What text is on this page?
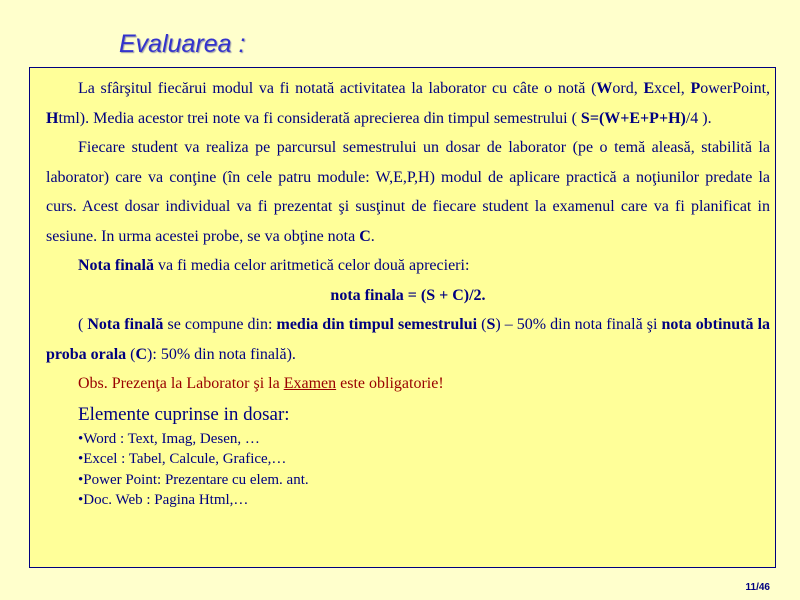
Evaluarea :

La sfârşitul fiecărui modul va fi notată activitatea la laborator cu câte o notă (Word, Excel, PowerPoint, Html). Media acestor trei note va fi considerată aprecierea din timpul semestrului ( S=(W+E+P+H)/4 ).

Fiecare student va realiza pe parcursul semestrului un dosar de laborator (pe o temă aleasă, stabilită la laborator) care va conţine (în cele patru module: W,E,P,H) modul de aplicare practică a noţiunilor predate la curs. Acest dosar individual va fi prezentat şi susţinut de fiecare student la examenul care va fi planificat in sesiune. In urma acestei probe, se va obţine nota C.

Nota finală va fi media celor aritmetică celor două aprecieri:

nota finala = (S + C)/2.

( Nota finală se compune din: media din timpul semestrului (S) – 50% din nota finală şi nota obtinută la proba orala (C): 50% din nota finală).

Obs. Prezenţa la Laborator şi la Examen este obligatorie!

Elemente cuprinse in dosar:

• Word : Text, Imag, Desen, …
• Excel : Tabel, Calcule, Grafice,…
• Power Point: Prezentare cu elem. ant.
• Doc. Web : Pagina Html,…
11/46
